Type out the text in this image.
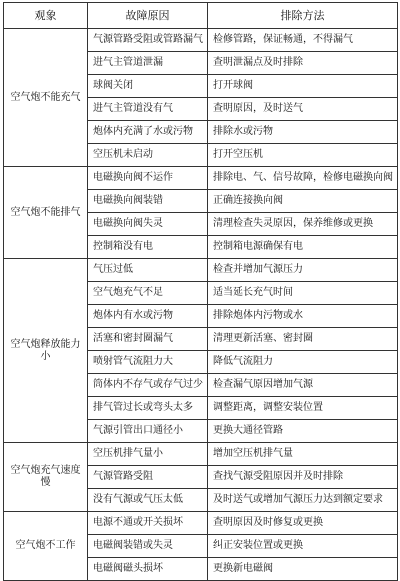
观象	故障原因	排除方法
空气炮不能充气	气源管路受阻或管路漏气	检修管路，保证畅通，不得漏气
	进气主管道泄漏	查明泄漏点及时排除
	球阀关闭	打开球阀
	进气主管道没有气	查明原因，及时送气
	炮体内充满了水或污物	排除水或污物
	空压机未启动	打开空压机
空气炮不能排气	电磁换向阀不运作	排除电、气、信号故障，检修电磁换向阀
	电磁换向阀装错	正确连接换向阀
	电磁换向阀失灵	清理检查失灵原因，保养维修或更换
	控制箱没有电	控制箱电源确保有电
空气炮释放能力小	气压过低	检查并增加气源压力
	空气炮充气不足	适当延长充气时间
	炮体内有水或污物	排除炮体内污物或水
	活塞和密封圈漏气	清理更新活塞、密封圈
	喷射管气流阻力大	降低气流阻力
	筒体内不存气或存气过少	检查漏气原因增加气源
	排气管过长或弯头太多	调整距离，调整安装位置
	气源引管出口通径小	更换大通径管路
空气炮充气速度慢	空压机排气量小	增加空压机排气量
	气源管路受阻	查找气源受阻原因并及时排除
	没有气源或气压太低	及时送气或增加气源压力达到额定要求
空气炮不工作	电源不通或开关损坏	查明原因及时修复或更换
	电磁阀装错或失灵	纠正安装位置或更换
	电磁阀磁头损坏	更换新电磁阀
